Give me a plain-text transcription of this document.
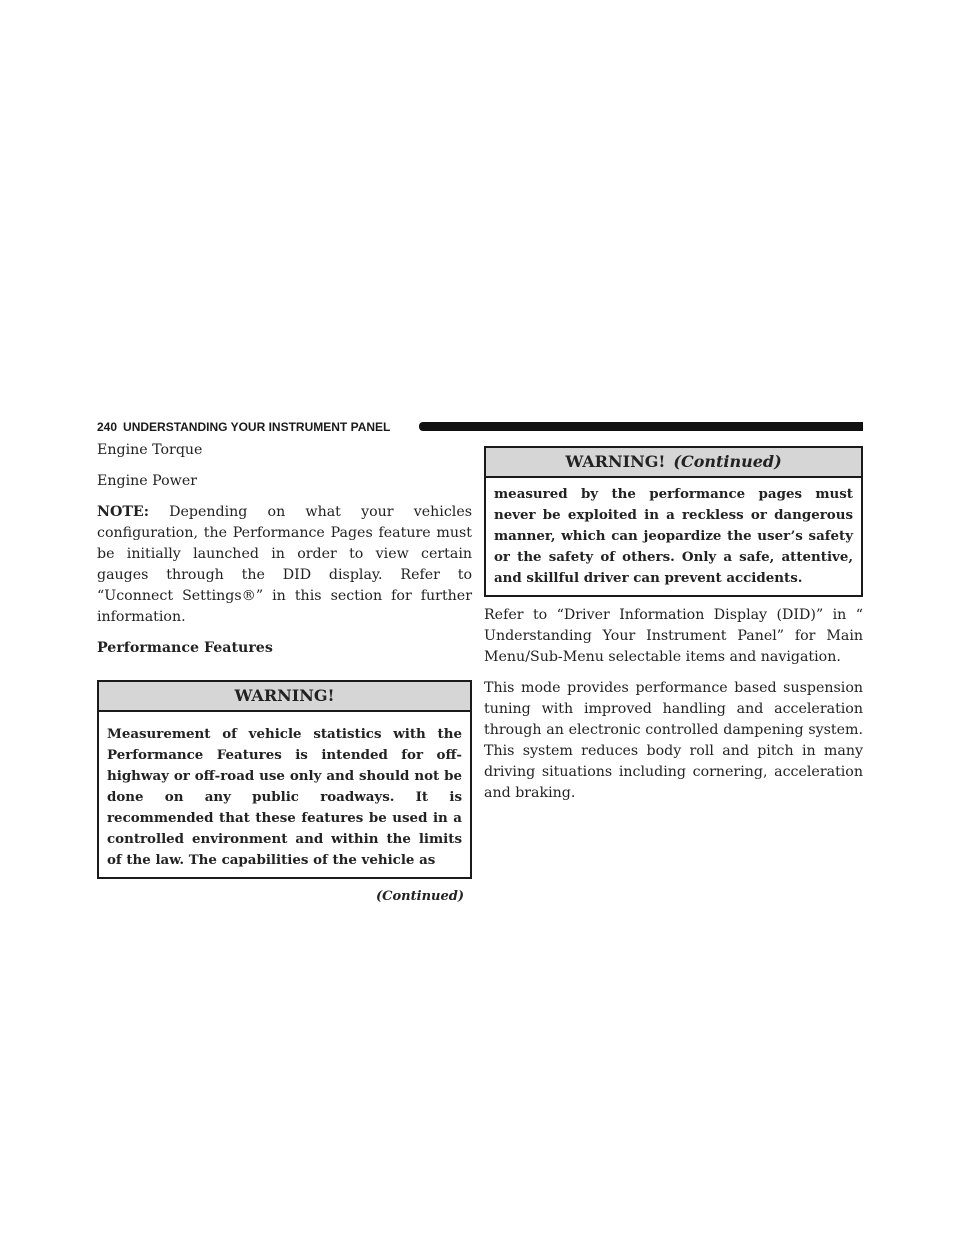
240 UNDERSTANDING YOUR INSTRUMENT PANEL

Engine Torque

Engine Power

NOTE: Depending on what your vehicles configuration, the Performance Pages feature must be initially launched in order to view certain gauges through the DID display. Refer to “Uconnect Settings®” in this section for further information.

Performance Features

WARNING!
Measurement of vehicle statistics with the Performance Features is intended for off-highway or off-road use only and should not be done on any public roadways. It is recommended that these features be used in a controlled environment and within the limits of the law. The capabilities of the vehicle as
(Continued)
WARNING! (Continued)
measured by the performance pages must never be exploited in a reckless or dangerous manner, which can jeopardize the user’s safety or the safety of others. Only a safe, attentive, and skillful driver can prevent accidents.

Refer to “Driver Information Display (DID)” in “ Understanding Your Instrument Panel” for Main Menu/Sub-Menu selectable items and navigation.

This mode provides performance based suspension tuning with improved handling and acceleration through an electronic controlled dampening system. This system reduces body roll and pitch in many driving situations including cornering, acceleration and braking.
